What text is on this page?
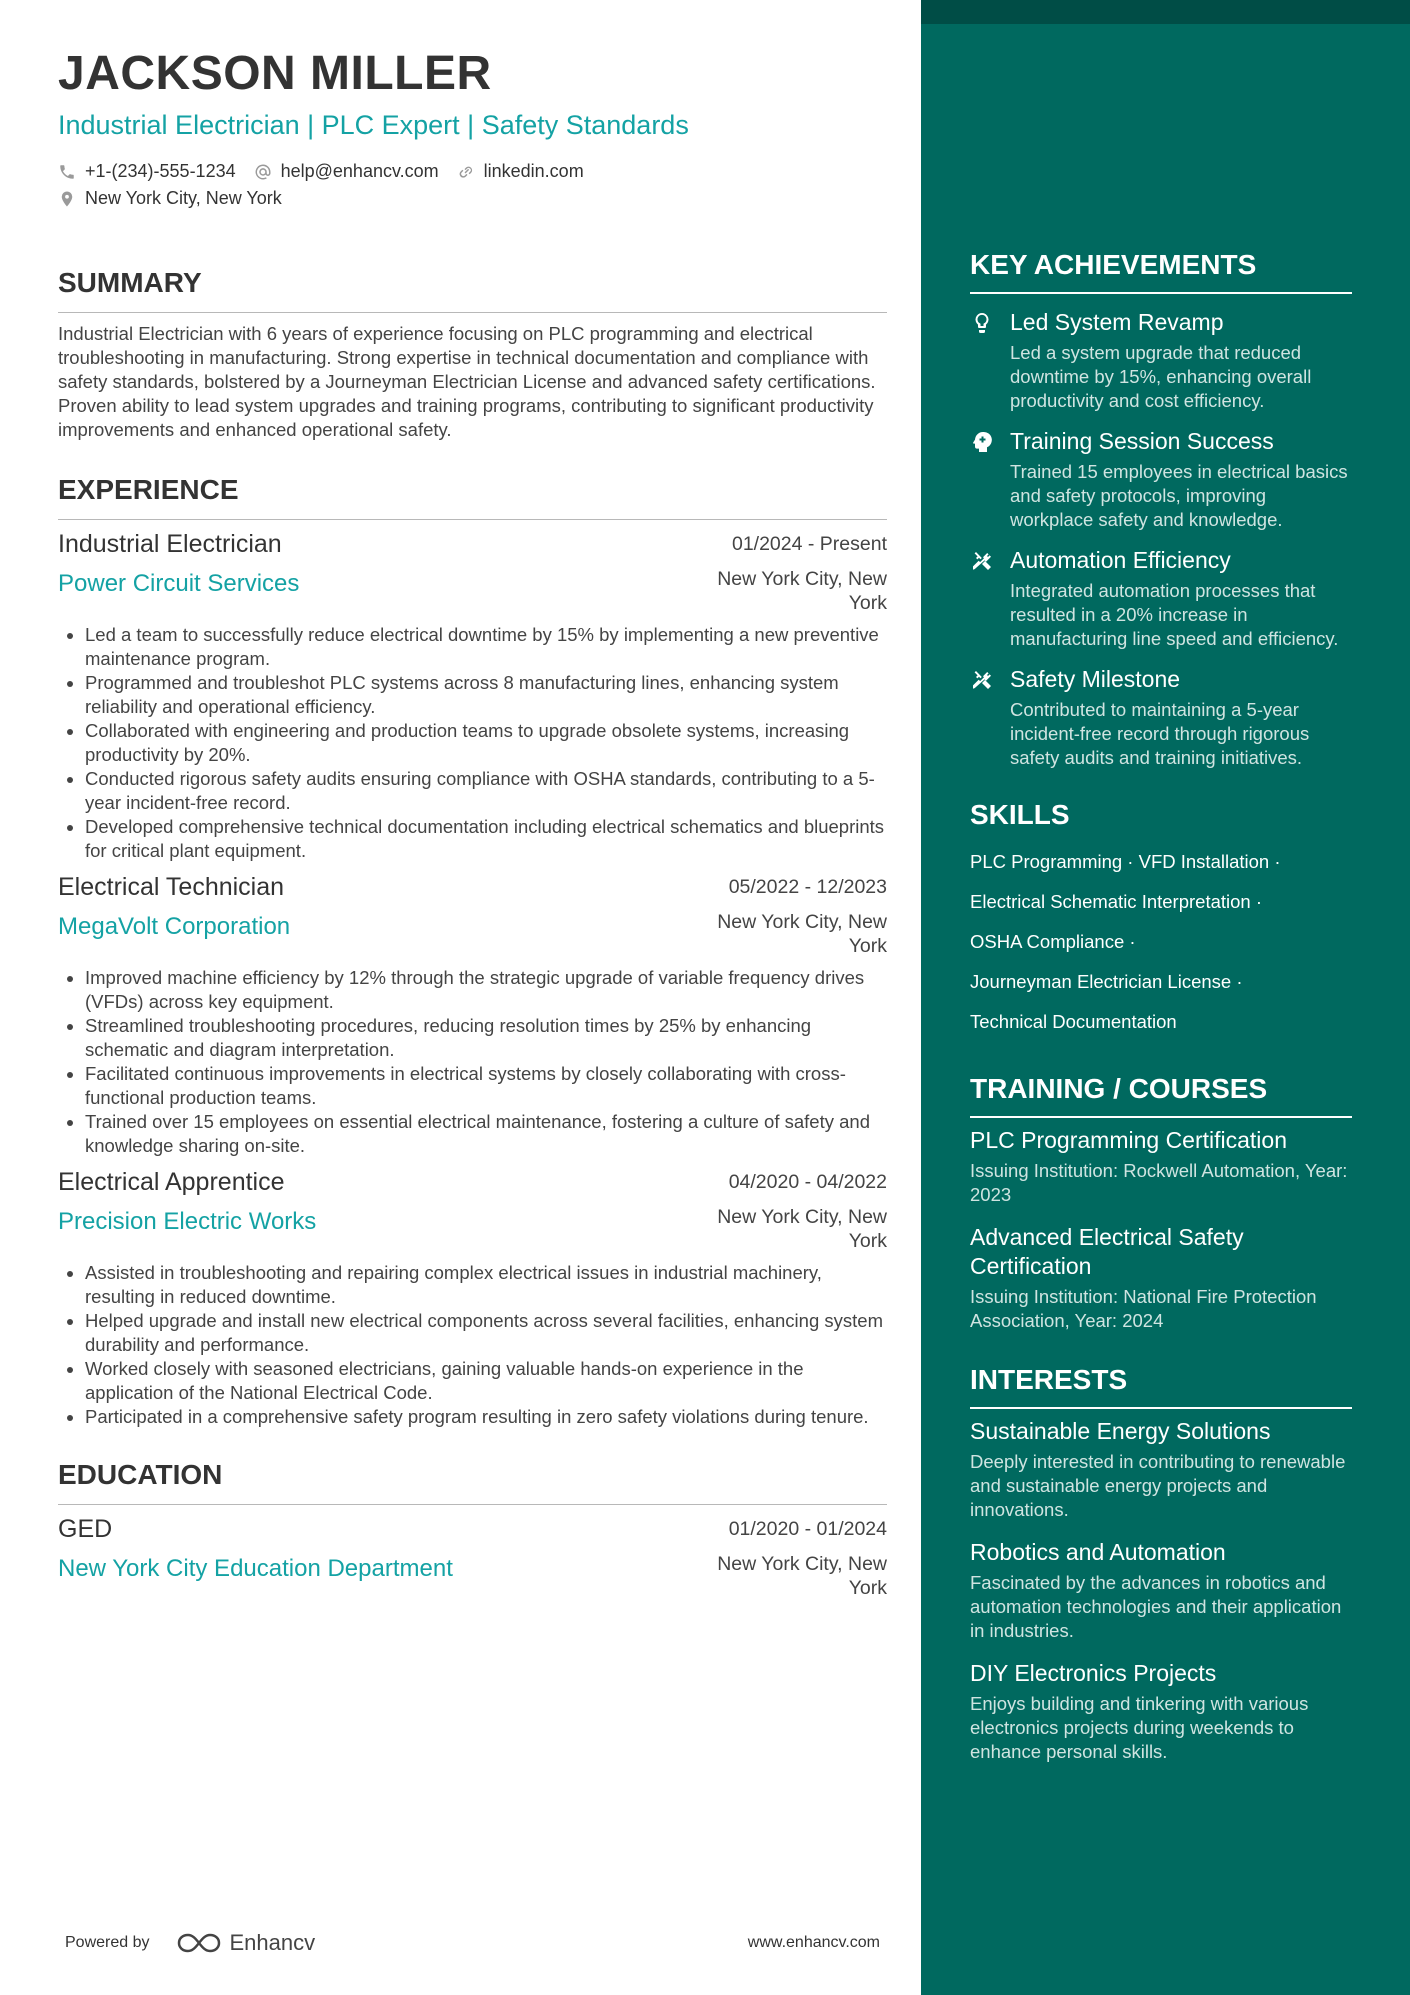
JACKSON MILLER
Industrial Electrician | PLC Expert | Safety Standards
+1-(234)-555-1234	help@enhancv.com	linkedin.com
New York City, New York
SUMMARY
Industrial Electrician with 6 years of experience focusing on PLC programming and electrical troubleshooting in manufacturing. Strong expertise in technical documentation and compliance with safety standards, bolstered by a Journeyman Electrician License and advanced safety certifications. Proven ability to lead system upgrades and training programs, contributing to significant productivity improvements and enhanced operational safety.
EXPERIENCE
Industrial Electrician	01/2024 - Present
Power Circuit Services	New York City, New York
• Led a team to successfully reduce electrical downtime by 15% by implementing a new preventive maintenance program.
• Programmed and troubleshot PLC systems across 8 manufacturing lines, enhancing system reliability and operational efficiency.
• Collaborated with engineering and production teams to upgrade obsolete systems, increasing productivity by 20%.
• Conducted rigorous safety audits ensuring compliance with OSHA standards, contributing to a 5-year incident-free record.
• Developed comprehensive technical documentation including electrical schematics and blueprints for critical plant equipment.
Electrical Technician	05/2022 - 12/2023
MegaVolt Corporation	New York City, New York
• Improved machine efficiency by 12% through the strategic upgrade of variable frequency drives (VFDs) across key equipment.
• Streamlined troubleshooting procedures, reducing resolution times by 25% by enhancing schematic and diagram interpretation.
• Facilitated continuous improvements in electrical systems by closely collaborating with cross-functional production teams.
• Trained over 15 employees on essential electrical maintenance, fostering a culture of safety and knowledge sharing on-site.
Electrical Apprentice	04/2020 - 04/2022
Precision Electric Works	New York City, New York
• Assisted in troubleshooting and repairing complex electrical issues in industrial machinery, resulting in reduced downtime.
• Helped upgrade and install new electrical components across several facilities, enhancing system durability and performance.
• Worked closely with seasoned electricians, gaining valuable hands-on experience in the application of the National Electrical Code.
• Participated in a comprehensive safety program resulting in zero safety violations during tenure.
EDUCATION
GED	01/2020 - 01/2024
New York City Education Department	New York City, New York
KEY ACHIEVEMENTS
Led System Revamp
Led a system upgrade that reduced downtime by 15%, enhancing overall productivity and cost efficiency.
Training Session Success
Trained 15 employees in electrical basics and safety protocols, improving workplace safety and knowledge.
Automation Efficiency
Integrated automation processes that resulted in a 20% increase in manufacturing line speed and efficiency.
Safety Milestone
Contributed to maintaining a 5-year incident-free record through rigorous safety audits and training initiatives.
SKILLS
PLC Programming · VFD Installation ·
Electrical Schematic Interpretation ·
OSHA Compliance ·
Journeyman Electrician License ·
Technical Documentation
TRAINING / COURSES
PLC Programming Certification
Issuing Institution: Rockwell Automation, Year: 2023
Advanced Electrical Safety Certification
Issuing Institution: National Fire Protection Association, Year: 2024
INTERESTS
Sustainable Energy Solutions
Deeply interested in contributing to renewable and sustainable energy projects and innovations.
Robotics and Automation
Fascinated by the advances in robotics and automation technologies and their application in industries.
DIY Electronics Projects
Enjoys building and tinkering with various electronics projects during weekends to enhance personal skills.
Powered by	Enhancv	www.enhancv.com
